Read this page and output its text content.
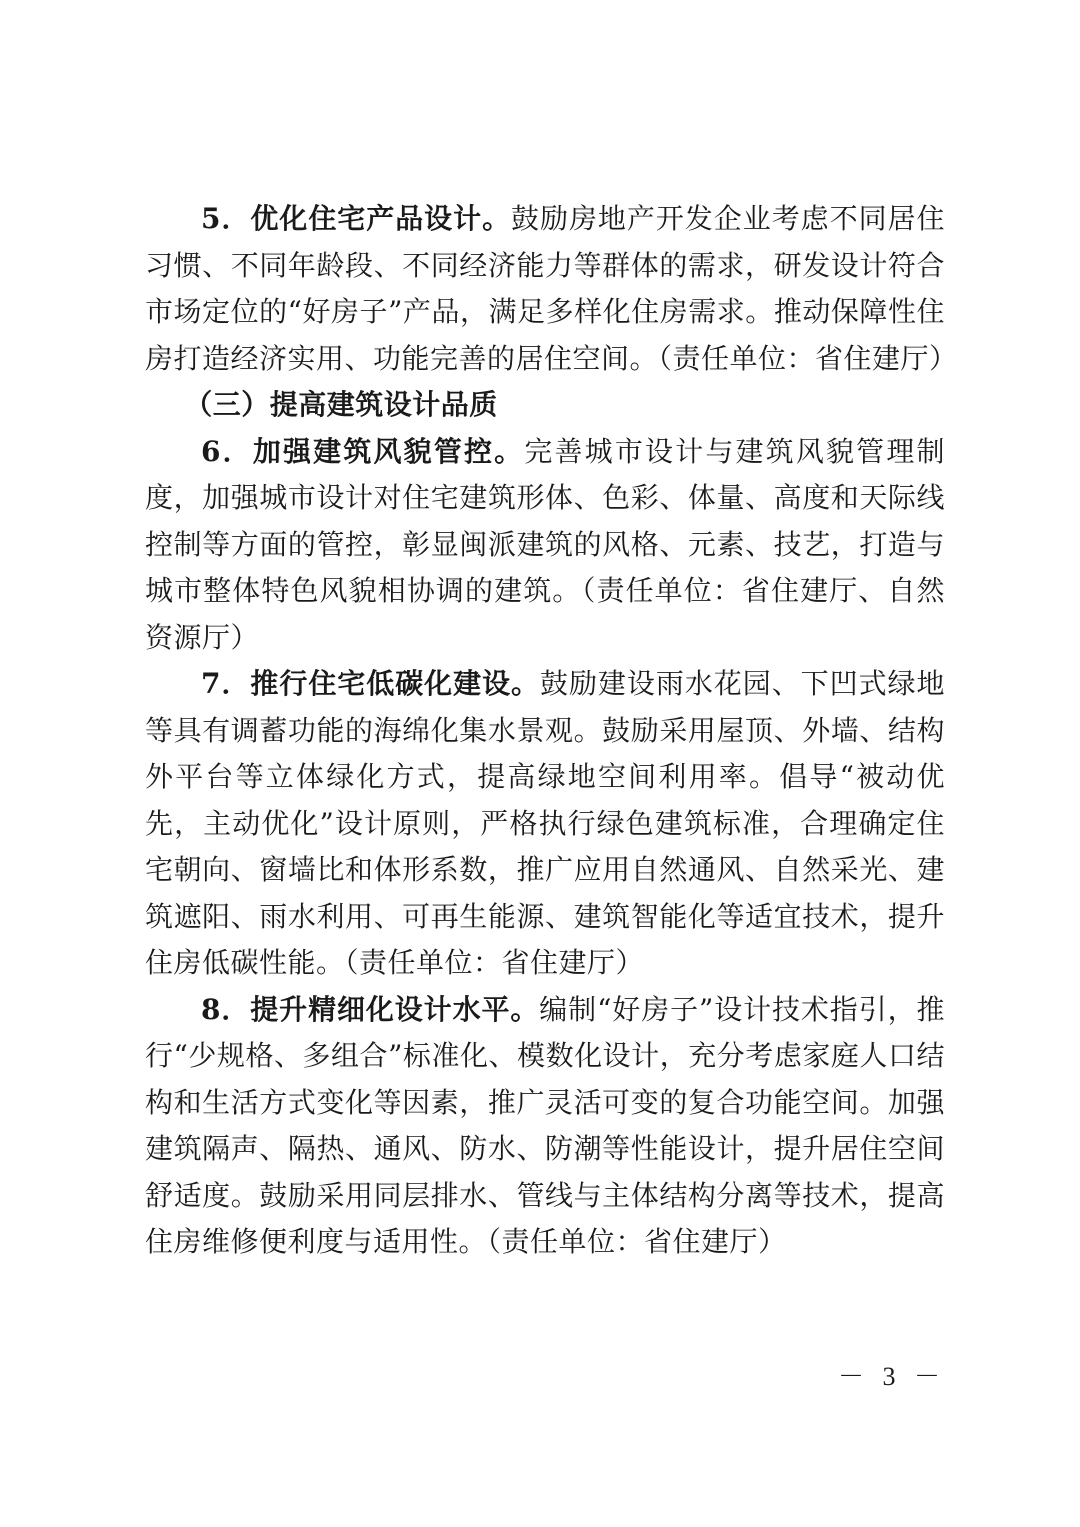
5．优化住宅产品设计。鼓励房地产开发企业考虑不同居住习惯、不同年龄段、不同经济能力等群体的需求，研发设计符合市场定位的“好房子”产品，满足多样化住房需求。推动保障性住房打造经济实用、功能完善的居住空间。（责任单位：省住建厅）

（三）提高建筑设计品质

6．加强建筑风貌管控。完善城市设计与建筑风貌管理制度，加强城市设计对住宅建筑形体、色彩、体量、高度和天际线控制等方面的管控，彰显闽派建筑的风格、元素、技艺，打造与城市整体特色风貌相协调的建筑。（责任单位：省住建厅、自然资源厅）

7．推行住宅低碳化建设。鼓励建设雨水花园、下凹式绿地等具有调蓄功能的海绵化集水景观。鼓励采用屋顶、外墙、结构外平台等立体绿化方式，提高绿地空间利用率。倡导“被动优先，主动优化”设计原则，严格执行绿色建筑标准，合理确定住宅朝向、窗墙比和体形系数，推广应用自然通风、自然采光、建筑遮阳、雨水利用、可再生能源、建筑智能化等适宜技术，提升住房低碳性能。（责任单位：省住建厅）

8．提升精细化设计水平。编制“好房子”设计技术指引，推行“少规格、多组合”标准化、模数化设计，充分考虑家庭人口结构和生活方式变化等因素，推广灵活可变的复合功能空间。加强建筑隔声、隔热、通风、防水、防潮等性能设计，提升居住空间舒适度。鼓励采用同层排水、管线与主体结构分离等技术，提高住房维修便利度与适用性。（责任单位：省住建厅）

－ 3 －
